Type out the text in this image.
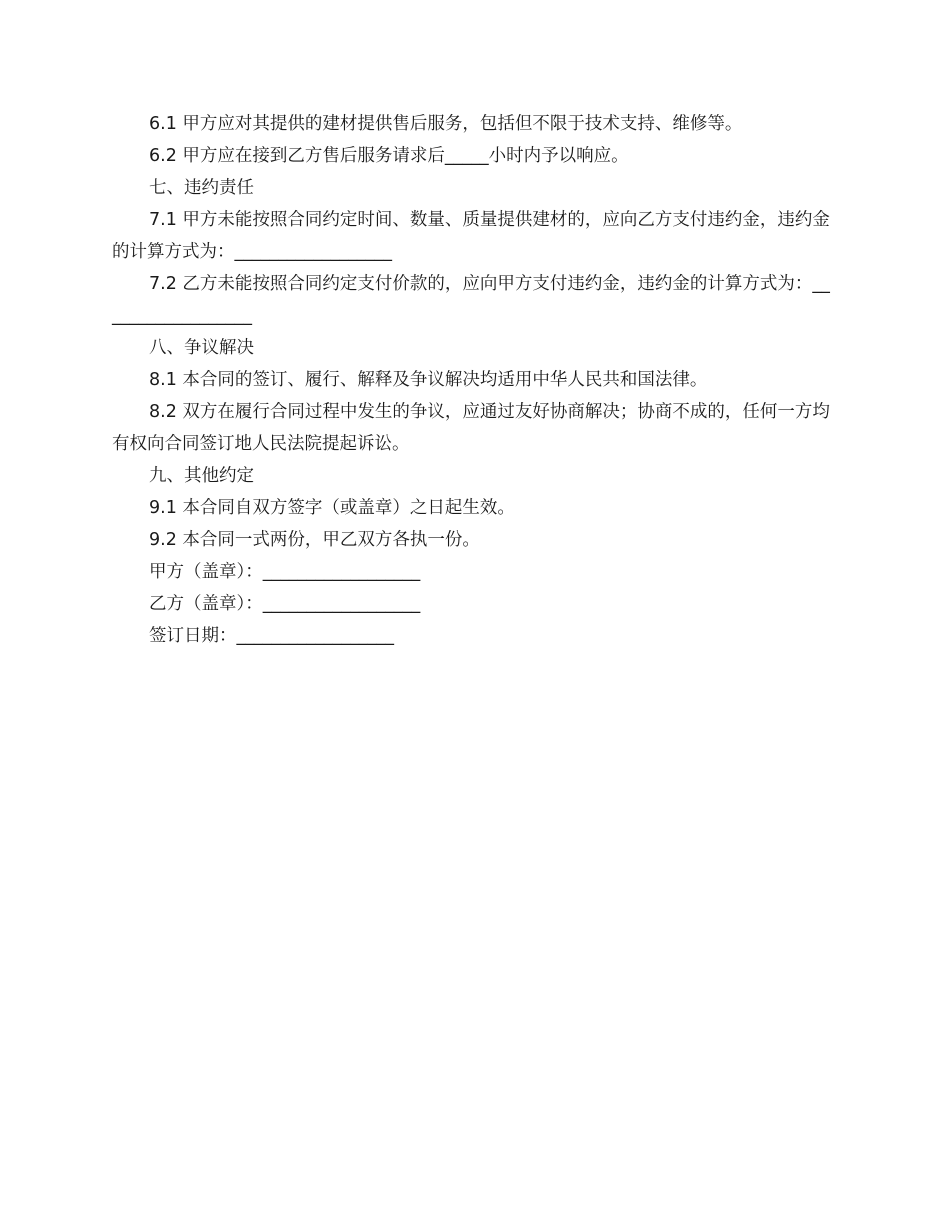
6.1 甲方应对其提供的建材提供售后服务，包括但不限于技术支持、维修等。

6.2 甲方应在接到乙方售后服务请求后_____小时内予以响应。

七、违约责任

7.1 甲方未能按照合同约定时间、数量、质量提供建材的，应向乙方支付违约金，违约金的计算方式为：__________________

7.2 乙方未能按照合同约定支付价款的，应向甲方支付违约金，违约金的计算方式为：__________________

八、争议解决

8.1 本合同的签订、履行、解释及争议解决均适用中华人民共和国法律。

8.2 双方在履行合同过程中发生的争议，应通过友好协商解决；协商不成的，任何一方均有权向合同签订地人民法院提起诉讼。

九、其他约定

9.1 本合同自双方签字（或盖章）之日起生效。

9.2 本合同一式两份，甲乙双方各执一份。

甲方（盖章）：__________________

乙方（盖章）：__________________

签订日期：__________________
